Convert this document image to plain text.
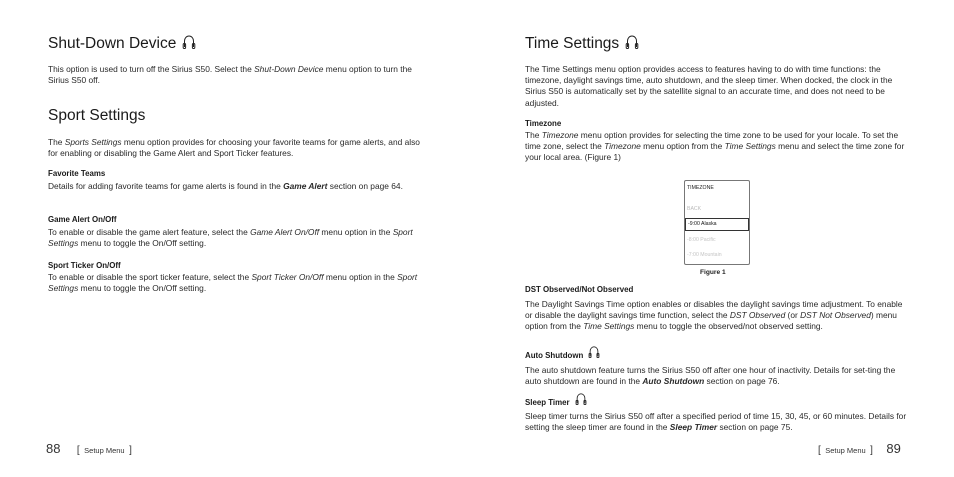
Shut-Down Device
This option is used to turn off the Sirius S50. Select the Shut-Down Device menu option to turn the Sirius S50 off.
Sport Settings
The Sports Settings menu option provides for choosing your favorite teams for game alerts, and also for enabling or disabling the Game Alert and Sport Ticker features.
Favorite Teams
Details for adding favorite teams for game alerts is found in the Game Alert section on page 64.
Game Alert On/Off
To enable or disable the game alert feature, select the Game Alert On/Off menu option in the Sport Settings menu to toggle the On/Off setting.
Sport Ticker On/Off
To enable or disable the sport ticker feature, select the Sport Ticker On/Off menu option in the Sport Settings menu to toggle the On/Off setting.
88 [ Setup Menu ]
Time Settings
The Time Settings menu option provides access to features having to do with time functions: the timezone, daylight savings time, auto shutdown, and the sleep timer. When docked, the clock in the Sirius S50 is automatically set by the satellite signal to an accurate time, and does not need to be adjusted.
Timezone
The Timezone menu option provides for selecting the time zone to be used for your locale. To set the time zone, select the Timezone menu option from the Time Settings menu and select the time zone for your local area. (Figure 1)
DST Observed/Not Observed
The Daylight Savings Time option enables or disables the daylight savings time adjustment. To enable or disable the daylight savings time function, select the DST Observed (or DST Not Observed) menu option from the Time Settings menu to toggle the observed/not observed setting.
Auto Shutdown
The auto shutdown feature turns the Sirius S50 off after one hour of inactivity. Details for set-ting the auto shutdown are found in the Auto Shutdown section on page 76.
Sleep Timer
Sleep timer turns the Sirius S50 off after a specified period of time 15, 30, 45, or 60 minutes. Details for setting the sleep timer are found in the Sleep Timer section on page 75.
[ Setup Menu ] 89
TIMEZONE
BACK
-9:00 Alaska
-8:00 Pacific
-7:00 Mountain
Figure 1
